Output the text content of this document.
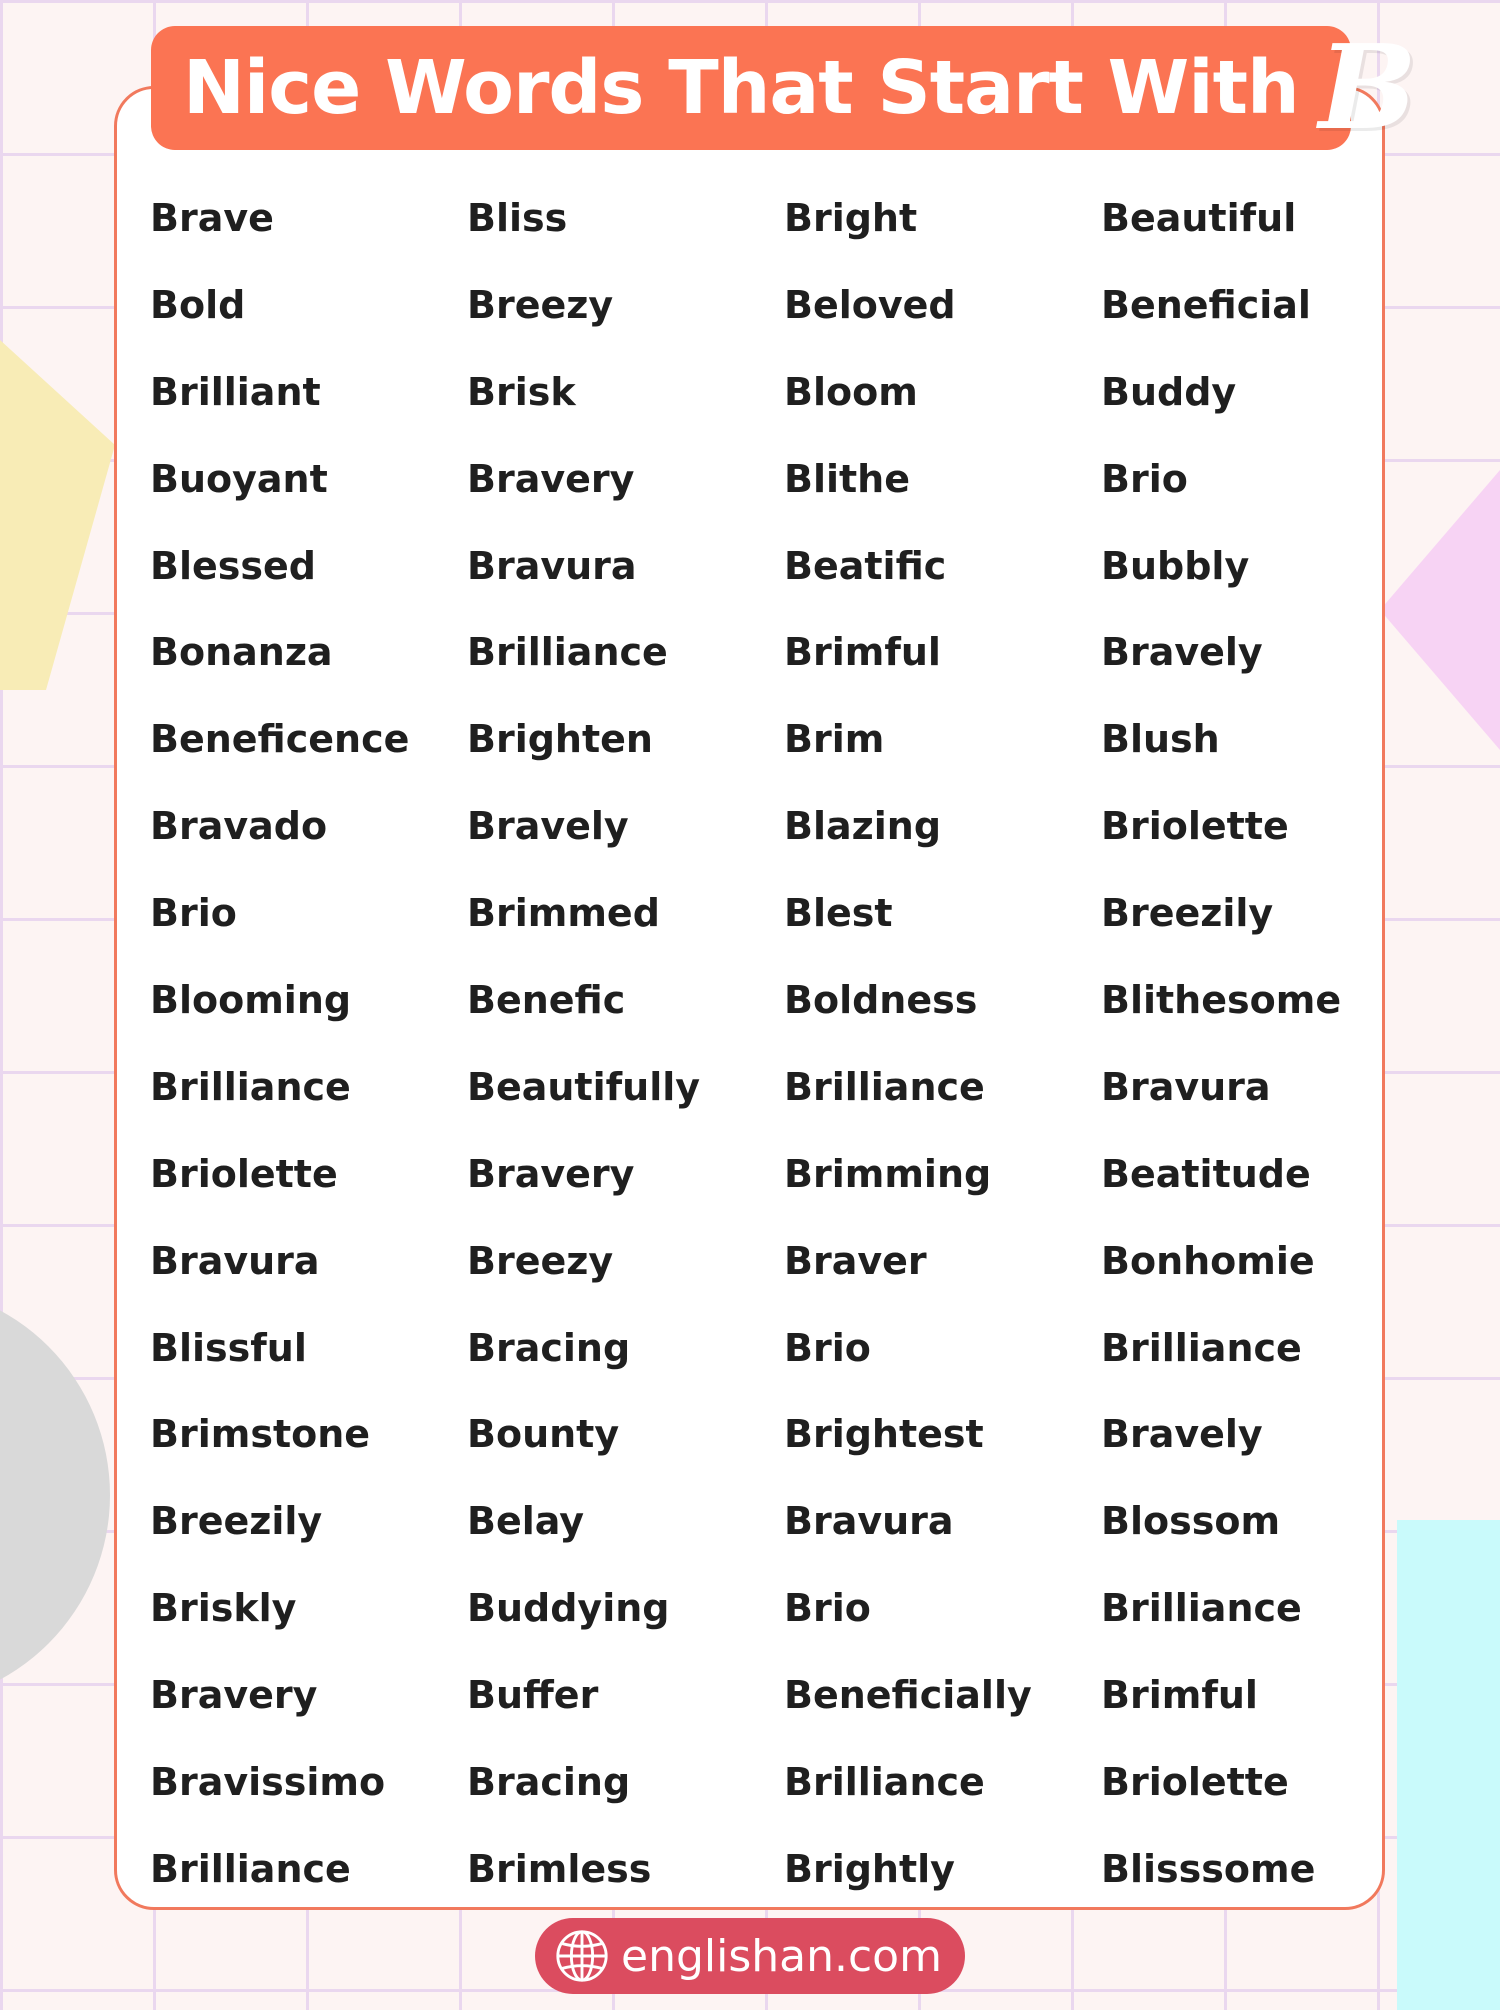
Nice Words That Start With B
Brave	Bliss	Bright	Beautiful
Bold	Breezy	Beloved	Beneficial
Brilliant	Brisk	Bloom	Buddy
Buoyant	Bravery	Blithe	Brio
Blessed	Bravura	Beatific	Bubbly
Bonanza	Brilliance	Brimful	Bravely
Beneficence	Brighten	Brim	Blush
Bravado	Bravely	Blazing	Briolette
Brio	Brimmed	Blest	Breezily
Blooming	Benefic	Boldness	Blithesome
Brilliance	Beautifully	Brilliance	Bravura
Briolette	Bravery	Brimming	Beatitude
Bravura	Breezy	Braver	Bonhomie
Blissful	Bracing	Brio	Brilliance
Brimstone	Bounty	Brightest	Bravely
Breezily	Belay	Bravura	Blossom
Briskly	Buddying	Brio	Brilliance
Bravery	Buffer	Beneficially	Brimful
Bravissimo	Bracing	Brilliance	Briolette
Brilliance	Brimless	Brightly	Blisssome
englishan.com
